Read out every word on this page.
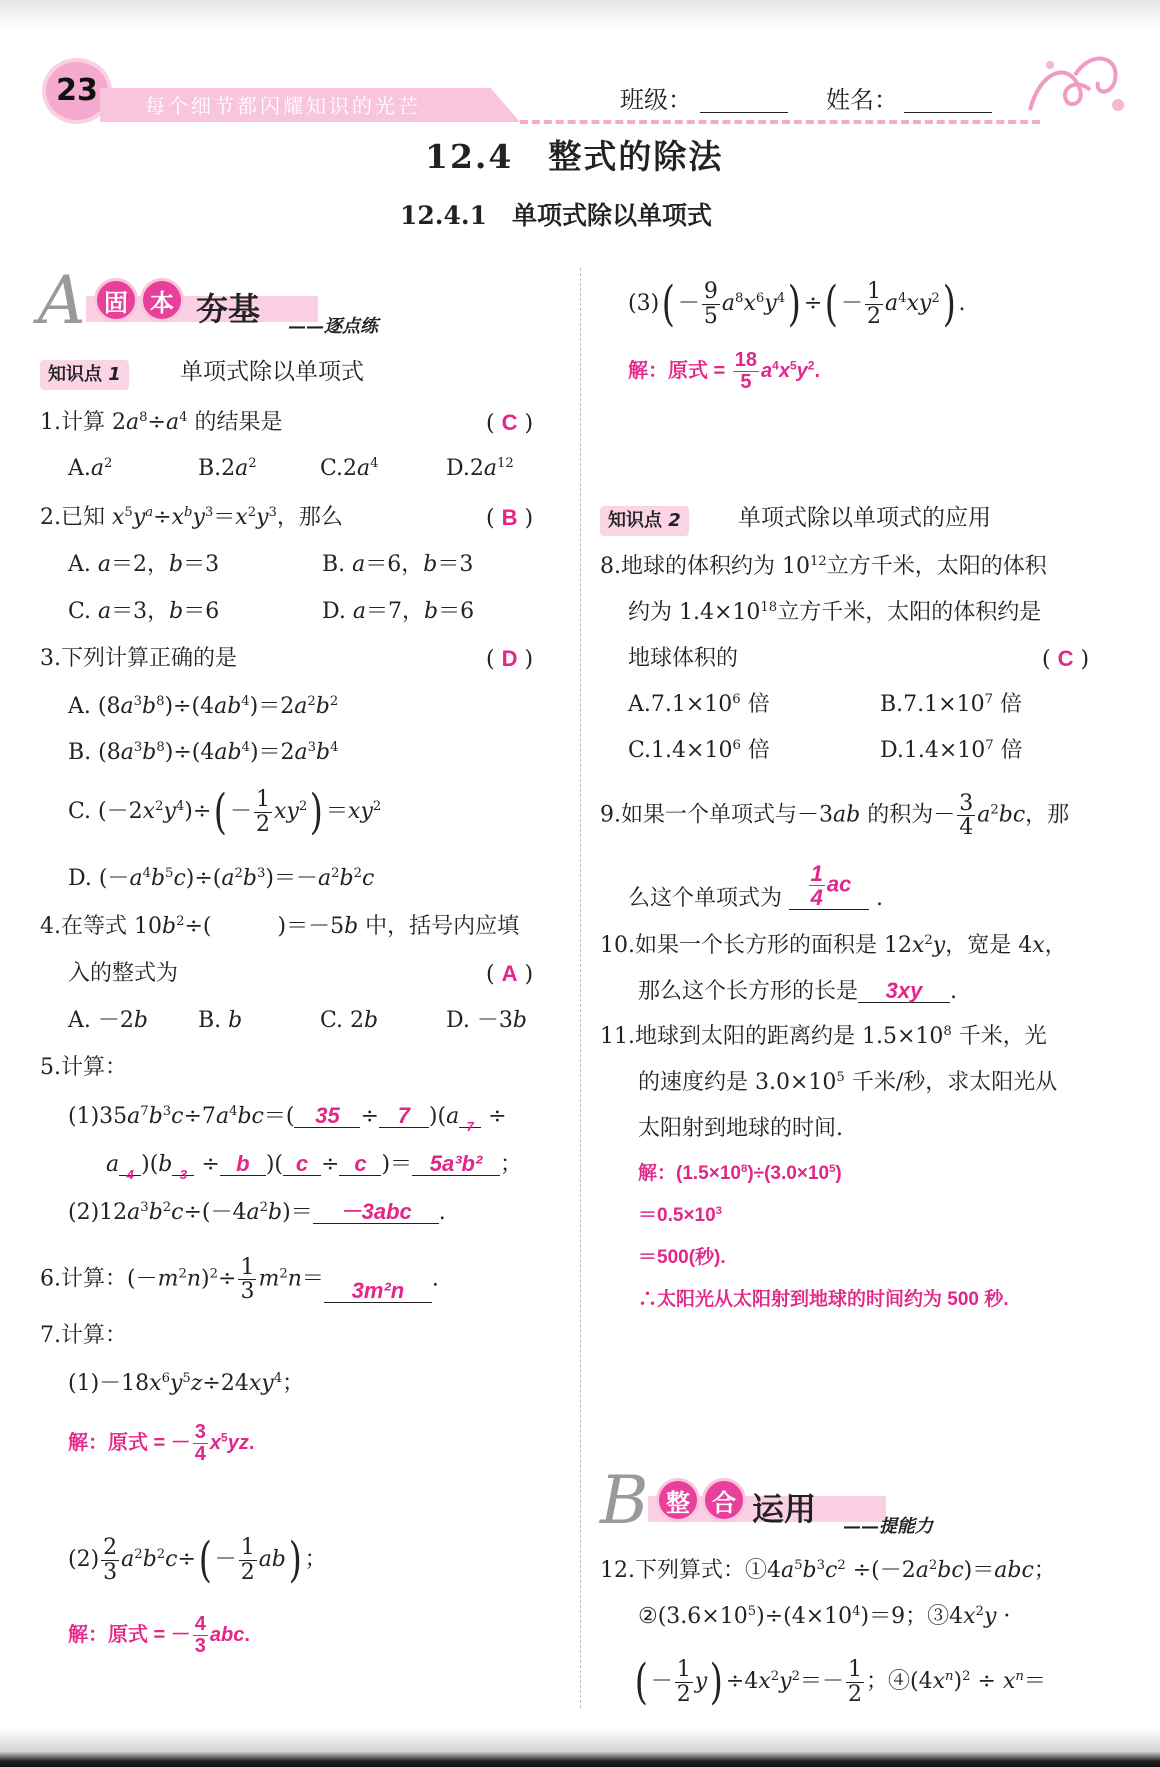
23	每个细节都闪耀知识的光芒	班级：	姓名：
12.4　整式的除法
12.4.1　单项式除以单项式
A 固 本 夯基 ——逐点练
知识点 1	单项式除以单项式
1.计算 $2a^8\div a^4$ 的结果是	( C )
$A.a^2$	$B.2a^2$	$C.2a^4$	$D.2a^{12}$
2.已知 $x^5y^a\div x^by^3=x^2y^3$，那么	( B )
A. a＝2，b＝3	B. a＝6，b＝3
C. a＝3，b＝6	D. a＝7，b＝6
3.下列计算正确的是	( D )
A. $(8a^3b^8)\div(4ab^4)=2a^2b^2$
B. $(8a^3b^8)\div(4ab^4)=2a^3b^4$
C. $(-2x^2y^4)\div( - \frac{1}{2} xy^2) =xy^2$
D. $(-a^4b^5c)\div(a^2b^3)=-a^2b^2c$
4.在等式 $10b^2\div$(　　　)＝－5b 中，括号内应填
入的整式为	( A )
A. －2b B. b	C. 2b	D. －3b
5.计算：
$(1)35a^7b^3c\div 7a^4bc=$( 35 ÷ 7 )(a 7 ÷
a 4 )(b 3 ÷ b )( c ÷ c )＝ 5a³b² ；
$(2)12a^3b^2c\div(-4a^2b)= -3abc$ .
6.计算：$(-m^2n)^2\div \frac{1}{3} m^2n= 3m^2n$ .
7.计算：
$(1)-18x^6y^5z\div 24xy^4$；
解：原式 = － $\frac{3}{4} x^5yz$.
$(2) \frac{2}{3} a^2b^2c\div( - \frac{1}{2} ab)$ ；
解：原式 = － $\frac{4}{3}$ abc.
$(3)( - \frac{9}{5} a^8x^6y^4)$ ÷( － $\frac{1}{2} a^4xy^2$) .
解：原式 = $\frac{18}{5} a^4x^5y^2$.
知识点 2	单项式除以单项式的应用
8.地球的体积约为 $10^{12}$立方千米，太阳的体积
约为 $1.4\times 10^{18}$立方千米，太阳的体积约是
地球体积的	( C )
$A.7.1\times 10^6$ 倍	$B.7.1\times 10^7$ 倍
$C.1.4\times 10^6$ 倍	$D.1.4\times 10^7$ 倍
9.如果一个单项式与－3ab 的积为－ $\frac{3}{4} a^2bc$，那
么这个单项式为 $\frac{1}{4}$ ac .
10.如果一个长方形的面积是 $12x^2y$，宽是 4x，
那么这个长方形的长是 3xy .
11.地球到太阳的距离约是 $1.5\times 10^8$ 千米，光
的速度约是 $3.0\times 10^5$ 千米/秒，求太阳光从
太阳射到地球的时间.
解：$(1.5\times 10^8)\div(3.0\times 10^5)$
$=0.5\times 10^3$
＝500(秒).
∴太阳光从太阳射到地球的时间约为 500 秒.
B 整 合 运用 ——提能力
12.下列算式：$①4a^5b^3c^2 \div(-2a^2bc)=abc$；
$②(3.6\times 10^5)\div(4\times 10^4)=9$；$③4x^2y$ ·
( － $\frac{1}{2} y) \div 4x^2y^2=- \frac{1}{2}$ ；$④(4x^n)^2 \div x^n=$
